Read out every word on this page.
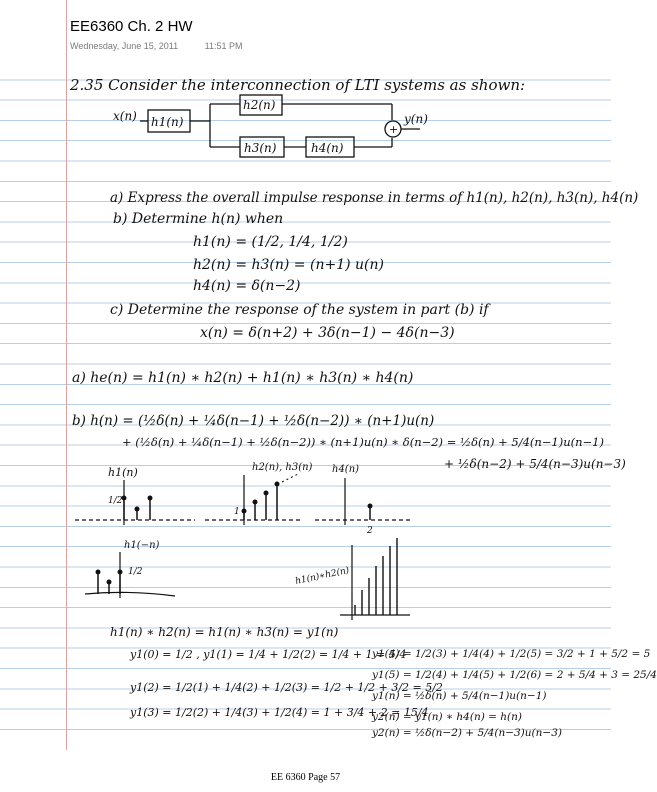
EE6360 Ch. 2 HW
Wednesday, June 15, 2011	11:51 PM
2.35 Consider the interconnection of LTI systems as shown:
x(n) h1(n)
h2(n)
h3(n)	h4(n)
+
y(n)
a) Express the overall impulse response in terms of h1(n), h2(n), h3(n), h4(n)
b) Determine h(n) when
h1(n) = (1/2, 1/4, 1/2)
h2(n) = h3(n) = (n+1) u(n)
h4(n) = δ(n−2)
c) Determine the response of the system in part (b) if
x(n) = δ(n+2) + 3δ(n−1) − 4δ(n−3)
a) he(n) = h1(n) ∗ h2(n) + h1(n) ∗ h3(n) ∗ h4(n)
b) h(n) = (½δ(n) + ¼δ(n−1) + ½δ(n−2)) ∗ (n+1)u(n)
+ (½δ(n) + ¼δ(n−1) + ½δ(n−2)) ∗ (n+1)u(n) ∗ δ(n−2) = ½δ(n) + 5/4(n−1)u(n−1)
+ ½δ(n−2) + 5/4(n−3)u(n−3)
h1(n)
1/2
h2(n), h3(n)
1
h4(n)
2
h1(−n)
1/2	h1(n)∗h2(n)
h1(n) ∗ h2(n) = h1(n) ∗ h3(n) = y1(n)
y1(0) = 1/2 , y1(1) = 1/4 + 1/2(2) = 1/4 + 1 = 5/4
y1(2) = 1/2(1) + 1/4(2) + 1/2(3) = 1/2 + 1/2 + 3/2 = 5/2
y1(3) = 1/2(2) + 1/4(3) + 1/2(4) = 1 + 3/4 + 2 = 15/4
y1(4) = 1/2(3) + 1/4(4) + 1/2(5) = 3/2 + 1 + 5/2 = 5
y1(5) = 1/2(4) + 1/4(5) + 1/2(6) = 2 + 5/4 + 3 = 25/4
y1(n) = ½δ(n) + 5/4(n−1)u(n−1)
y2(n) = y1(n) ∗ h4(n) = h(n)
y2(n) = ½δ(n−2) + 5/4(n−3)u(n−3)
EE 6360 Page 57
